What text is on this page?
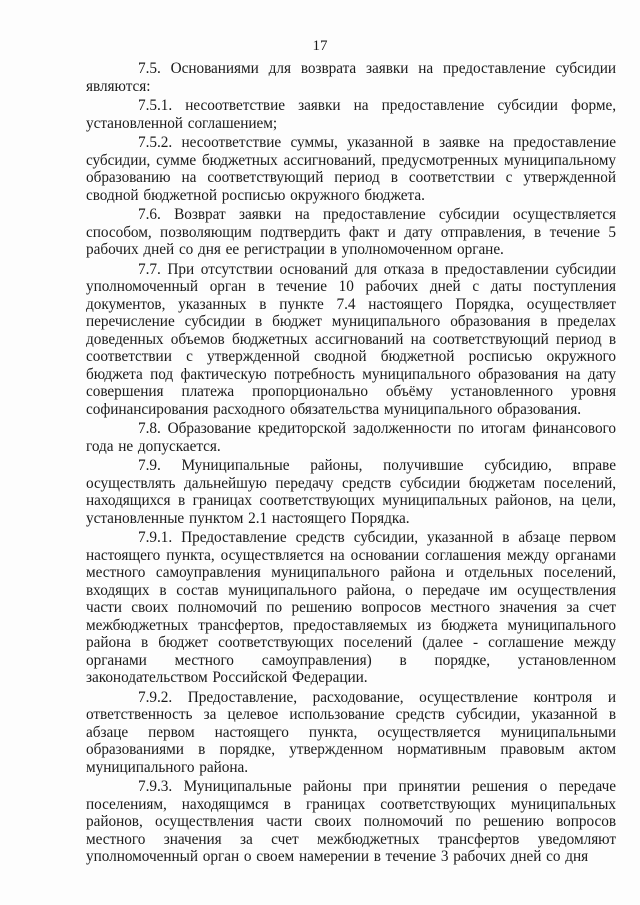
17

7.5. Основаниями для возврата заявки на предоставление субсидии являются:

7.5.1. несоответствие заявки на предоставление субсидии форме, установленной соглашением;

7.5.2. несоответствие суммы, указанной в заявке на предоставление субсидии, сумме бюджетных ассигнований, предусмотренных муниципальному образованию на соответствующий период в соответствии с утвержденной сводной бюджетной росписью окружного бюджета.

7.6. Возврат заявки на предоставление субсидии осуществляется способом, позволяющим подтвердить факт и дату отправления, в течение 5 рабочих дней со дня ее регистрации в уполномоченном органе.

7.7. При отсутствии оснований для отказа в предоставлении субсидии уполномоченный орган в течение 10 рабочих дней с даты поступления документов, указанных в пункте 7.4 настоящего Порядка, осуществляет перечисление субсидии в бюджет муниципального образования в пределах доведенных объемов бюджетных ассигнований на соответствующий период в соответствии с утвержденной сводной бюджетной росписью окружного бюджета под фактическую потребность муниципального образования на дату совершения платежа пропорционально объёму установленного уровня софинансирования расходного обязательства муниципального образования.

7.8. Образование кредиторской задолженности по итогам финансового года не допускается.

7.9. Муниципальные районы, получившие субсидию, вправе осуществлять дальнейшую передачу средств субсидии бюджетам поселений, находящихся в границах соответствующих муниципальных районов, на цели, установленные пунктом 2.1 настоящего Порядка.

7.9.1. Предоставление средств субсидии, указанной в абзаце первом настоящего пункта, осуществляется на основании соглашения между органами местного самоуправления муниципального района и отдельных поселений, входящих в состав муниципального района, о передаче им осуществления части своих полномочий по решению вопросов местного значения за счет межбюджетных трансфертов, предоставляемых из бюджета муниципального района в бюджет соответствующих поселений (далее - соглашение между органами местного самоуправления) в порядке, установленном законодательством Российской Федерации.

7.9.2. Предоставление, расходование, осуществление контроля и ответственность за целевое использование средств субсидии, указанной в абзаце первом настоящего пункта, осуществляется муниципальными образованиями в порядке, утвержденном нормативным правовым актом муниципального района.

7.9.3. Муниципальные районы при принятии решения о передаче поселениям, находящимся в границах соответствующих муниципальных районов, осуществления части своих полномочий по решению вопросов местного значения за счет межбюджетных трансфертов уведомляют уполномоченный орган о своем намерении в течение 3 рабочих дней со дня
